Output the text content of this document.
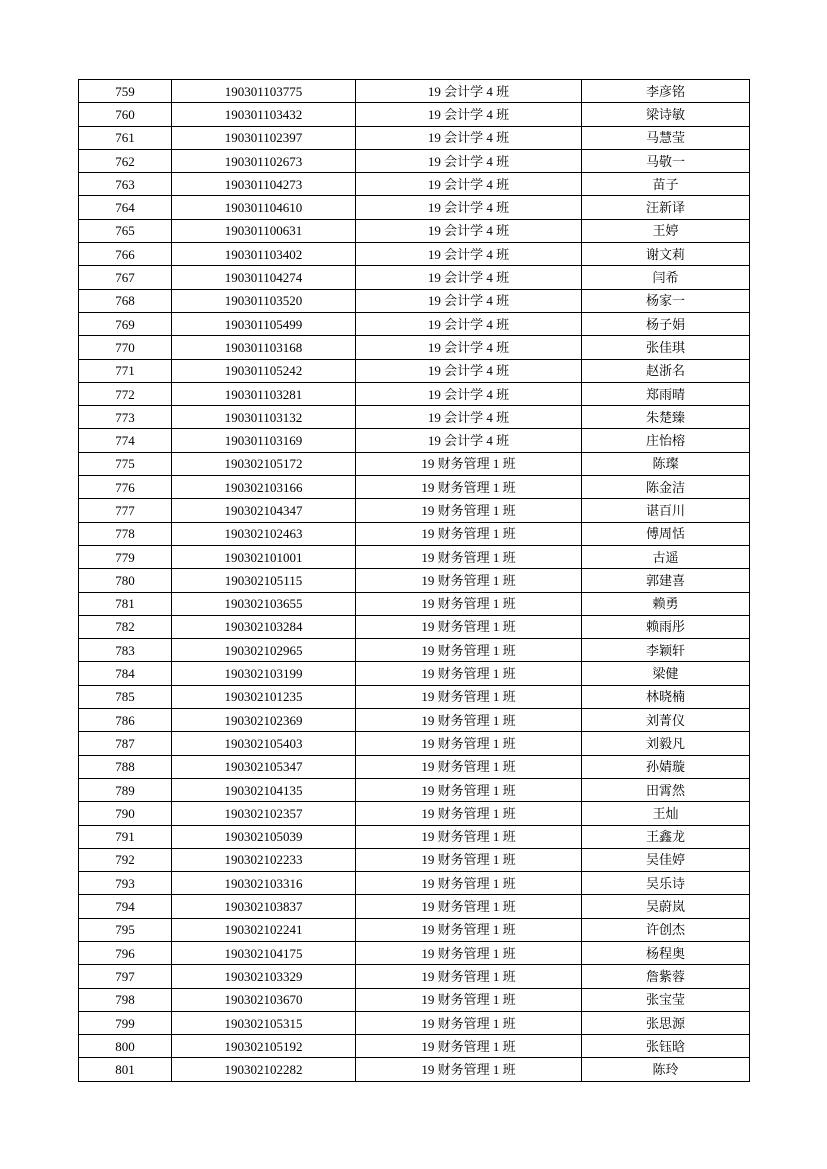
759	190301103775	19 会计学 4 班	李彦铭
760	190301103432	19 会计学 4 班	梁诗敏
761	190301102397	19 会计学 4 班	马慧莹
762	190301102673	19 会计学 4 班	马敬一
763	190301104273	19 会计学 4 班	苗子
764	190301104610	19 会计学 4 班	汪新译
765	190301100631	19 会计学 4 班	王婷
766	190301103402	19 会计学 4 班	谢文莉
767	190301104274	19 会计学 4 班	闫希
768	190301103520	19 会计学 4 班	杨家一
769	190301105499	19 会计学 4 班	杨子娟
770	190301103168	19 会计学 4 班	张佳琪
771	190301105242	19 会计学 4 班	赵浙名
772	190301103281	19 会计学 4 班	郑雨晴
773	190301103132	19 会计学 4 班	朱楚臻
774	190301103169	19 会计学 4 班	庄怡榕
775	190302105172	19 财务管理 1 班	陈璨
776	190302103166	19 财务管理 1 班	陈金洁
777	190302104347	19 财务管理 1 班	谌百川
778	190302102463	19 财务管理 1 班	傅周恬
779	190302101001	19 财务管理 1 班	古遥
780	190302105115	19 财务管理 1 班	郭建喜
781	190302103655	19 财务管理 1 班	赖勇
782	190302103284	19 财务管理 1 班	赖雨彤
783	190302102965	19 财务管理 1 班	李颖轩
784	190302103199	19 财务管理 1 班	梁健
785	190302101235	19 财务管理 1 班	林晓楠
786	190302102369	19 财务管理 1 班	刘菁仪
787	190302105403	19 财务管理 1 班	刘毅凡
788	190302105347	19 财务管理 1 班	孙婧璇
789	190302104135	19 财务管理 1 班	田霄然
790	190302102357	19 财务管理 1 班	王灿
791	190302105039	19 财务管理 1 班	王鑫龙
792	190302102233	19 财务管理 1 班	吴佳婷
793	190302103316	19 财务管理 1 班	吴乐诗
794	190302103837	19 财务管理 1 班	吴蔚岚
795	190302102241	19 财务管理 1 班	许创杰
796	190302104175	19 财务管理 1 班	杨程奥
797	190302103329	19 财务管理 1 班	詹紫蓉
798	190302103670	19 财务管理 1 班	张宝莹
799	190302105315	19 财务管理 1 班	张思源
800	190302105192	19 财务管理 1 班	张钰晗
801	190302102282	19 财务管理 1 班	陈玲
